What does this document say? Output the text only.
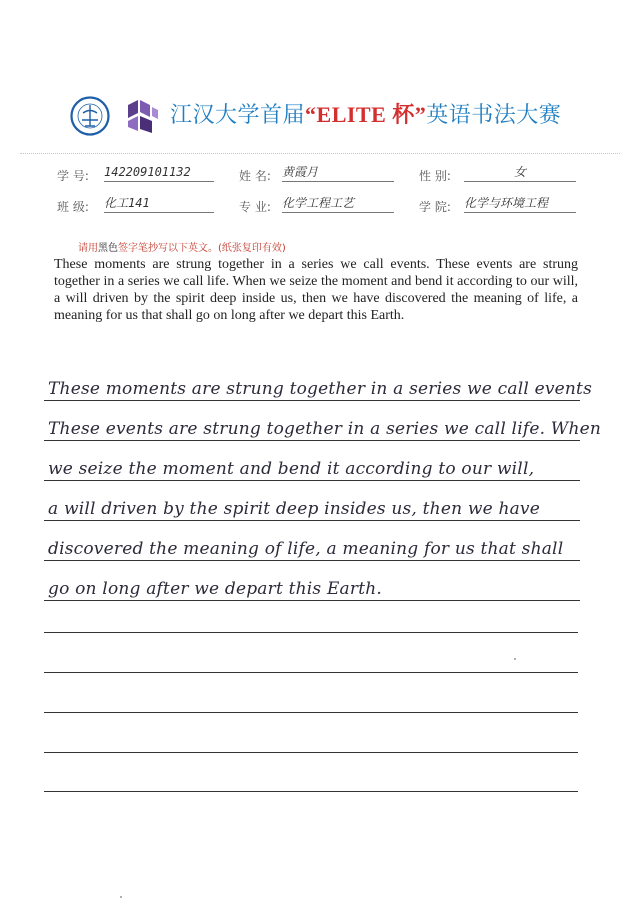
江汉大学首届“ELITE 杯”英语书法大赛
学 号: 142209101132	姓 名: 黄霞月	性 别:	女
班 级: 化工141	专 业: 化学工程工艺	学 院: 化学与环境工程
请用黑色签字笔抄写以下英文。(纸张复印有效)
These moments are strung together in a series we call events. These events are strung together in a series we call life. When we seize the moment and bend it according to our will, a will driven by the spirit deep inside us, then we have discovered the meaning of life, a meaning for us that shall go on long after we depart this Earth.
These moments are strung together in a series we call events
These events are strung together in a series we call life. When
we seize the moment and bend it according to our will,
a will driven by the spirit deep insides us, then we have
discovered the meaning of life, a meaning for us that shall
go on long after we depart this Earth.
